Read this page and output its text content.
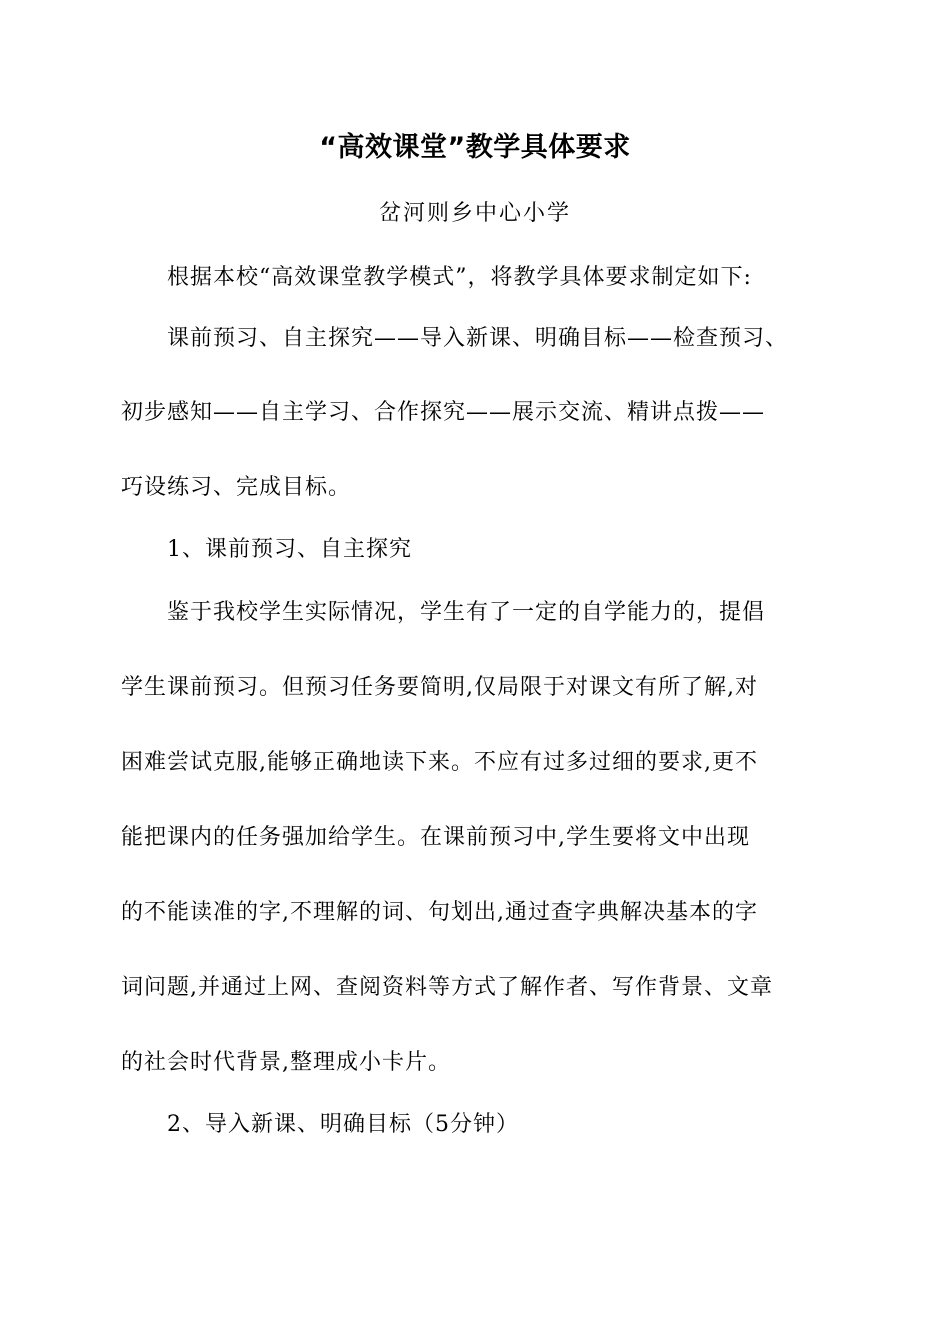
“高效课堂”教学具体要求
岔河则乡中心小学
　　根据本校“高效课堂教学模式”，将教学具体要求制定如下:
　　课前预习、自主探究——导入新课、明确目标——检查预习、
初步感知——自主学习、合作探究——展示交流、精讲点拨——
巧设练习、完成目标。
　　1、课前预习、自主探究
　　鉴于我校学生实际情况，学生有了一定的自学能力的，提倡
学生课前预习。但预习任务要简明,仅局限于对课文有所了解,对
困难尝试克服,能够正确地读下来。不应有过多过细的要求,更不
能把课内的任务强加给学生。在课前预习中,学生要将文中出现
的不能读准的字,不理解的词、句划出,通过查字典解决基本的字
词问题,并通过上网、查阅资料等方式了解作者、写作背景、文章
的社会时代背景,整理成小卡片。
　　2、导入新课、明确目标（5分钟）
